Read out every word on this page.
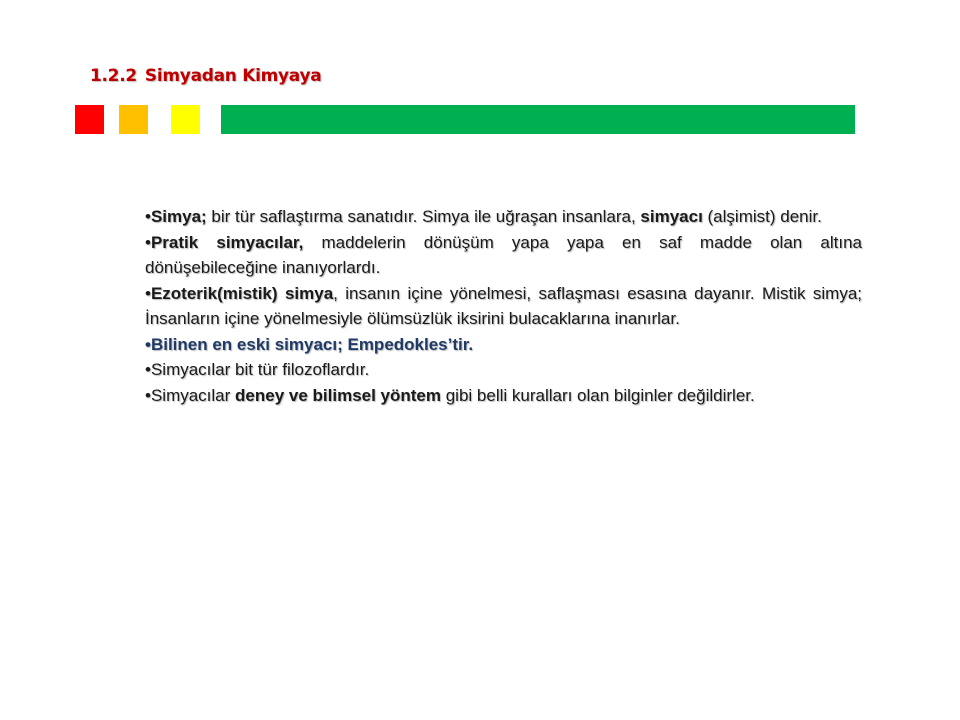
1.2.2 Simyadan Kimyaya

•Simya; bir tür saflaştırma sanatıdır. Simya ile uğraşan insanlara, simyacı (alşimist) denir.

•Pratik simyacılar, maddelerin dönüşüm yapa yapa en saf madde olan altına dönüşebileceğine inanıyorlardı.

•Ezoterik(mistik) simya, insanın içine yönelmesi, saflaşması esasına dayanır. Mistik simya; İnsanların içine yönelmesiyle ölümsüzlük iksirini bulacaklarına inanırlar.

•Bilinen en eski simyacı; Empedokles’tir.

•Simyacılar bit tür filozoflardır.

•Simyacılar deney ve bilimsel yöntem gibi belli kuralları olan bilginler değildirler.
